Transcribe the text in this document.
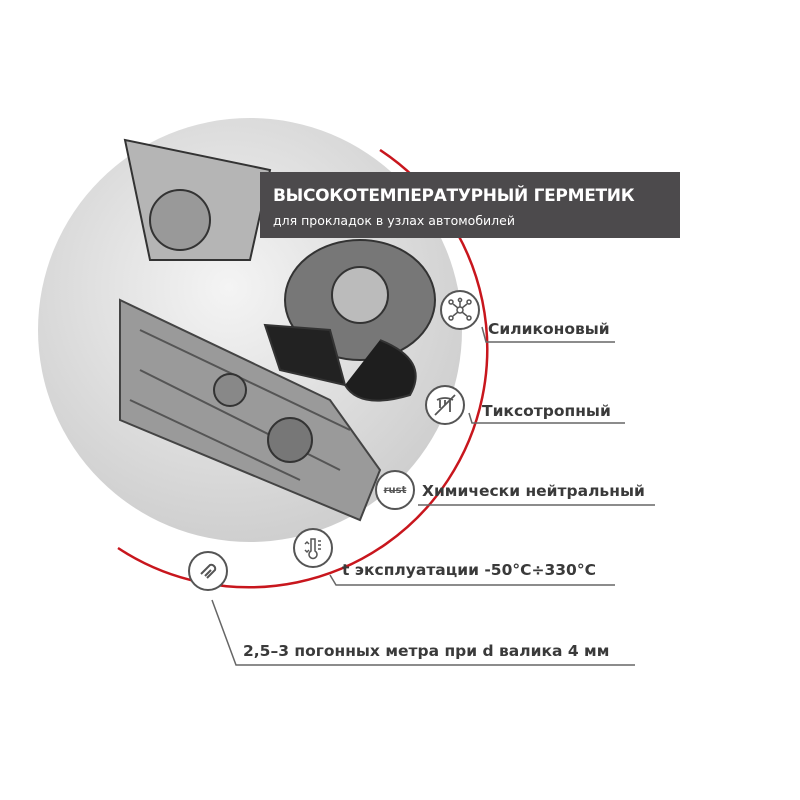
ВЫСОКОТЕМПЕРАТУРНЫЙ ГЕРМЕТИК
для прокладок в узлах автомобилей
Силиконовый
Тиксотропный
rust Химически нейтральный
t эксплуатации -50°C÷330°C
2,5–3 погонных метра при d валика 4 мм
